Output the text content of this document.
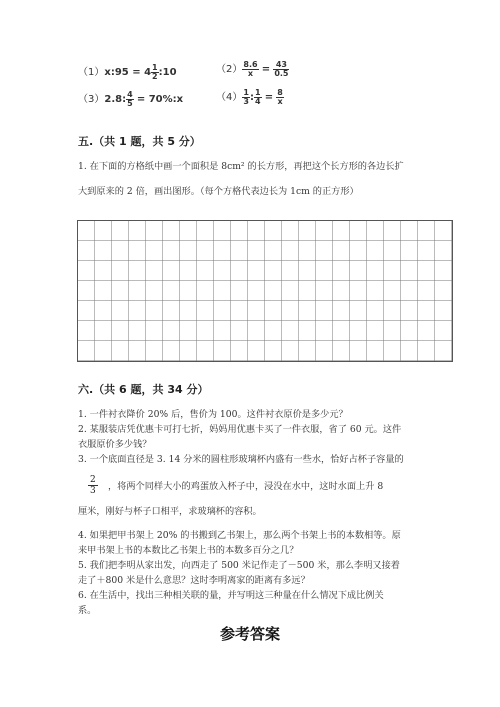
（1）x:95 = $4 \frac{1}{2}$ :10	$(2) \frac{8.6}{x} = \frac{43}{0.5}$
（3）2.8: $\frac{4}{5}$ = 70%:x	$(4) \frac{1}{3}$ : $\frac{1}{4} = \frac{8}{x}$
五.（共 1 题，共 5 分）
1. 在下面的方格纸中画一个面积是 8cm² 的长方形，再把这个长方形的各边长扩
大到原来的 2 倍，画出图形。（每个方格代表边长为 1cm 的正方形）
六.（共 6 题，共 34 分）
1. 一件衬衣降价 20% 后，售价为 100。这件衬衣原价是多少元？
2. 某服装店凭优惠卡可打七折，妈妈用优惠卡买了一件衣服，省了 60 元。这件
衣服原价多少钱？
3. 一个底面直径是 3. 14 分米的圆柱形玻璃杯内盛有一些水，恰好占杯子容量的
2
3 ，将两个同样大小的鸡蛋放入杯子中，浸没在水中，这时水面上升 8
厘米，刚好与杯子口相平，求玻璃杯的容积。
4. 如果把甲书架上 20% 的书搬到乙书架上，那么两个书架上书的本数相等。原
来甲书架上书的本数比乙书架上书的本数多百分之几？
5. 我们把李明从家出发，向西走了 500 米记作走了－500 米，那么李明又接着
走了＋800 米是什么意思？这时李明离家的距离有多远？
6. 在生活中，找出三种相关联的量，并写明这三种量在什么情况下成比例关
系。
参考答案
